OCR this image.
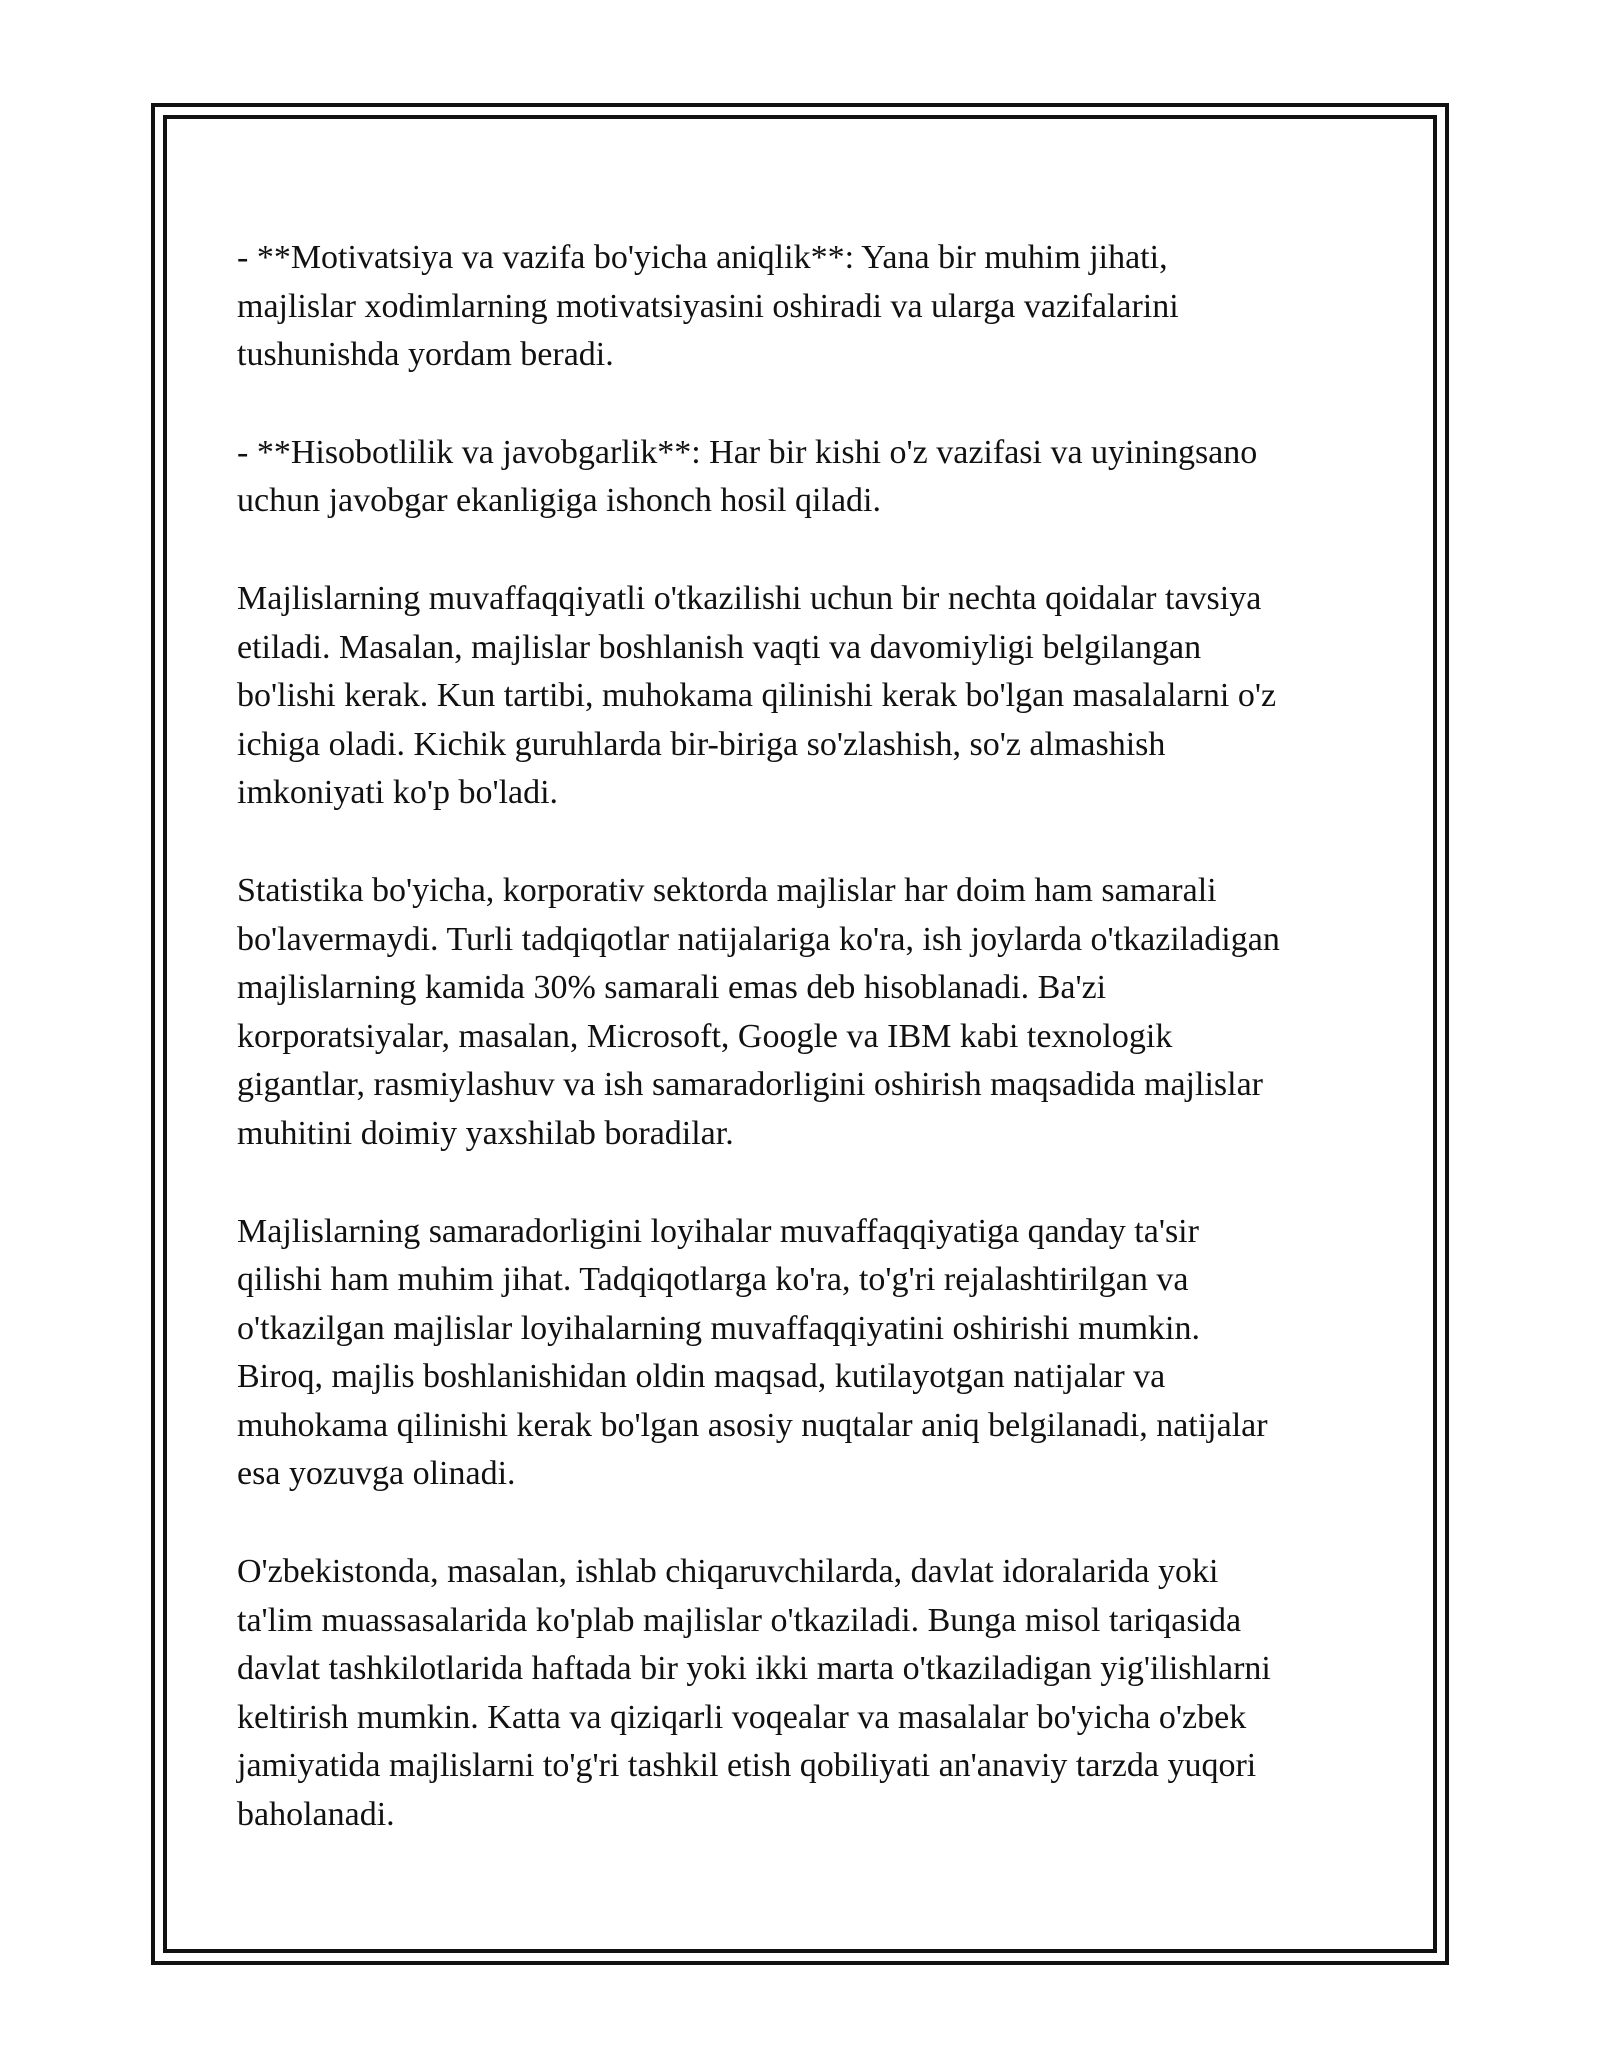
- **Motivatsiya va vazifa bo'yicha aniqlik**: Yana bir muhim jihati,
majlislar xodimlarning motivatsiyasini oshiradi va ularga vazifalarini
tushunishda yordam beradi.

- **Hisobotlilik va javobgarlik**: Har bir kishi o'z vazifasi va uyiningsano
uchun javobgar ekanligiga ishonch hosil qiladi.

Majlislarning muvaffaqqiyatli o'tkazilishi uchun bir nechta qoidalar tavsiya
etiladi. Masalan, majlislar boshlanish vaqti va davomiyligi belgilangan
bo'lishi kerak. Kun tartibi, muhokama qilinishi kerak bo'lgan masalalarni o'z
ichiga oladi. Kichik guruhlarda bir-biriga so'zlashish, so'z almashish
imkoniyati ko'p bo'ladi.

Statistika bo'yicha, korporativ sektorda majlislar har doim ham samarali
bo'lavermaydi. Turli tadqiqotlar natijalariga ko'ra, ish joylarda o'tkaziladigan
majlislarning kamida 30% samarali emas deb hisoblanadi. Ba'zi
korporatsiyalar, masalan, Microsoft, Google va IBM kabi texnologik
gigantlar, rasmiylashuv va ish samaradorligini oshirish maqsadida majlislar
muhitini doimiy yaxshilab boradilar.

Majlislarning samaradorligini loyihalar muvaffaqqiyatiga qanday ta'sir
qilishi ham muhim jihat. Tadqiqotlarga ko'ra, to'g'ri rejalashtirilgan va
o'tkazilgan majlislar loyihalarning muvaffaqqiyatini oshirishi mumkin.
Biroq, majlis boshlanishidan oldin maqsad, kutilayotgan natijalar va
muhokama qilinishi kerak bo'lgan asosiy nuqtalar aniq belgilanadi, natijalar
esa yozuvga olinadi.

O'zbekistonda, masalan, ishlab chiqaruvchilarda, davlat idoralarida yoki
ta'lim muassasalarida ko'plab majlislar o'tkaziladi. Bunga misol tariqasida
davlat tashkilotlarida haftada bir yoki ikki marta o'tkaziladigan yig'ilishlarni
keltirish mumkin. Katta va qiziqarli voqealar va masalalar bo'yicha o'zbek
jamiyatida majlislarni to'g'ri tashkil etish qobiliyati an'anaviy tarzda yuqori
baholanadi.
